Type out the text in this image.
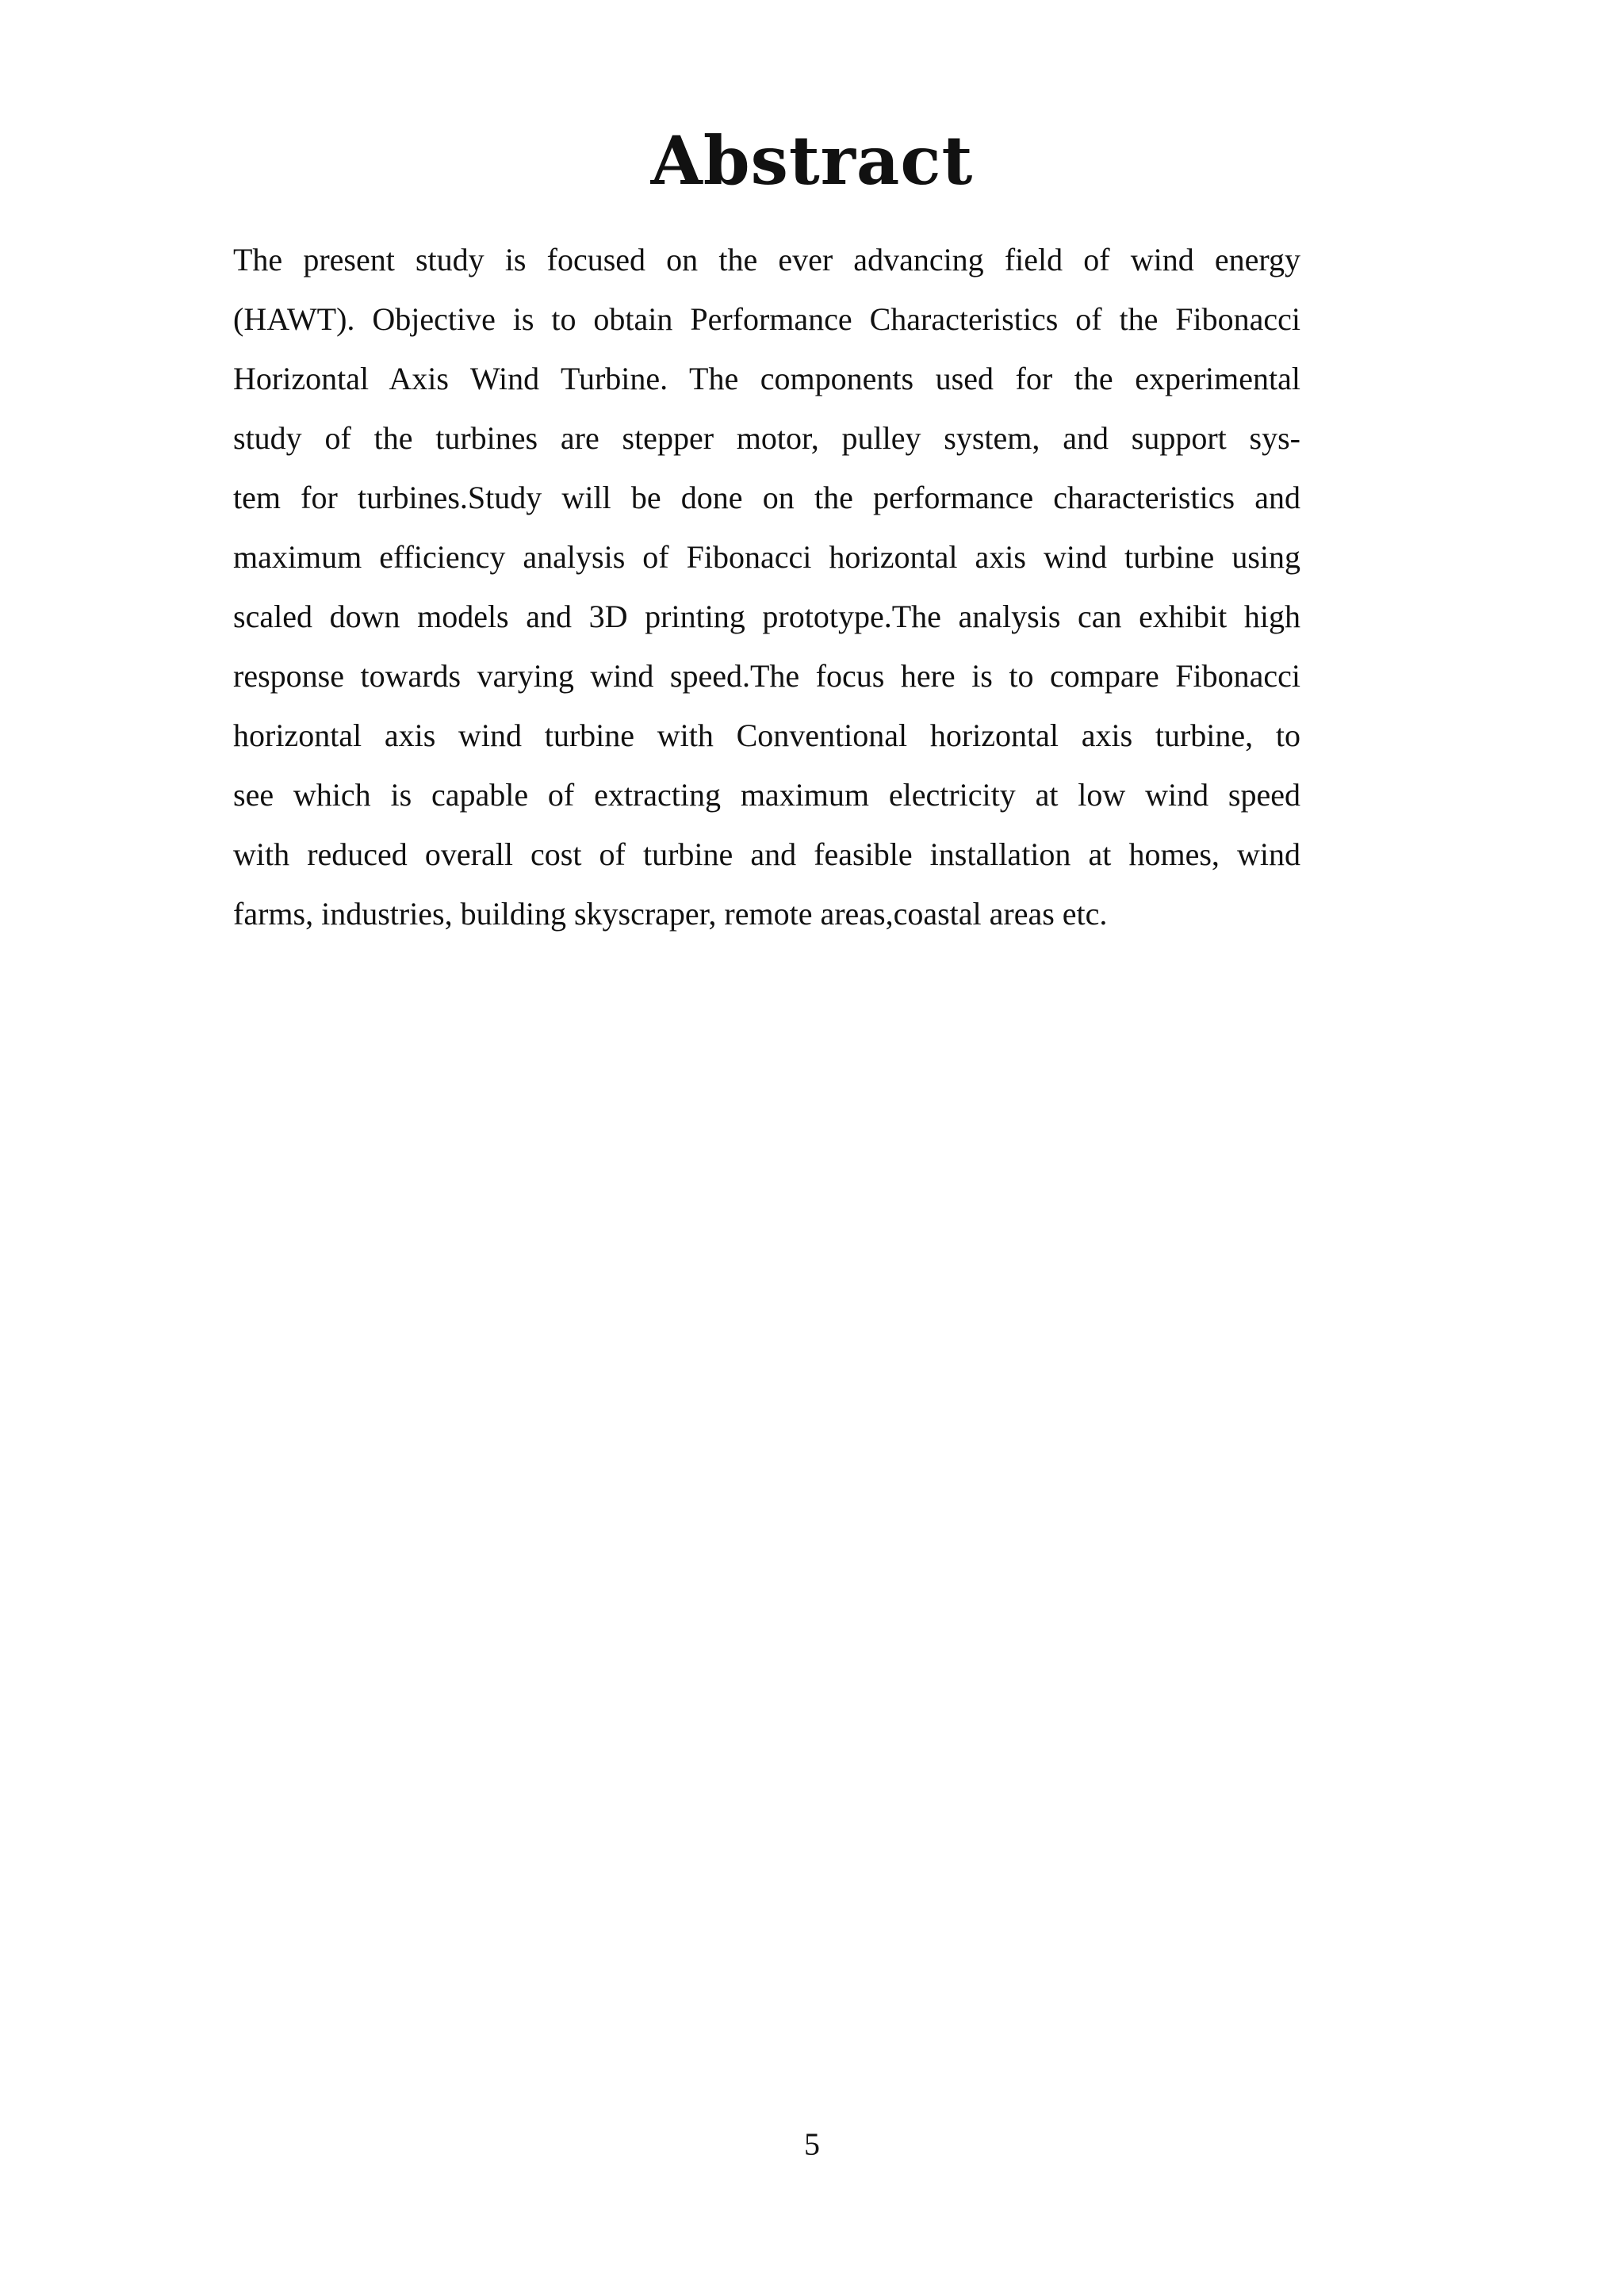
Abstract
The present study is focused on the ever advancing field of wind energy
(HAWT). Objective is to obtain Performance Characteristics of the Fibonacci
Horizontal Axis Wind Turbine. The components used for the experimental
study of the turbines are stepper motor, pulley system, and support sys-
tem for turbines.Study will be done on the performance characteristics and
maximum efficiency analysis of Fibonacci horizontal axis wind turbine using
scaled down models and 3D printing prototype.The analysis can exhibit high
response towards varying wind speed.The focus here is to compare Fibonacci
horizontal axis wind turbine with Conventional horizontal axis turbine, to
see which is capable of extracting maximum electricity at low wind speed
with reduced overall cost of turbine and feasible installation at homes, wind
farms, industries, building skyscraper, remote areas,coastal areas etc.
5
